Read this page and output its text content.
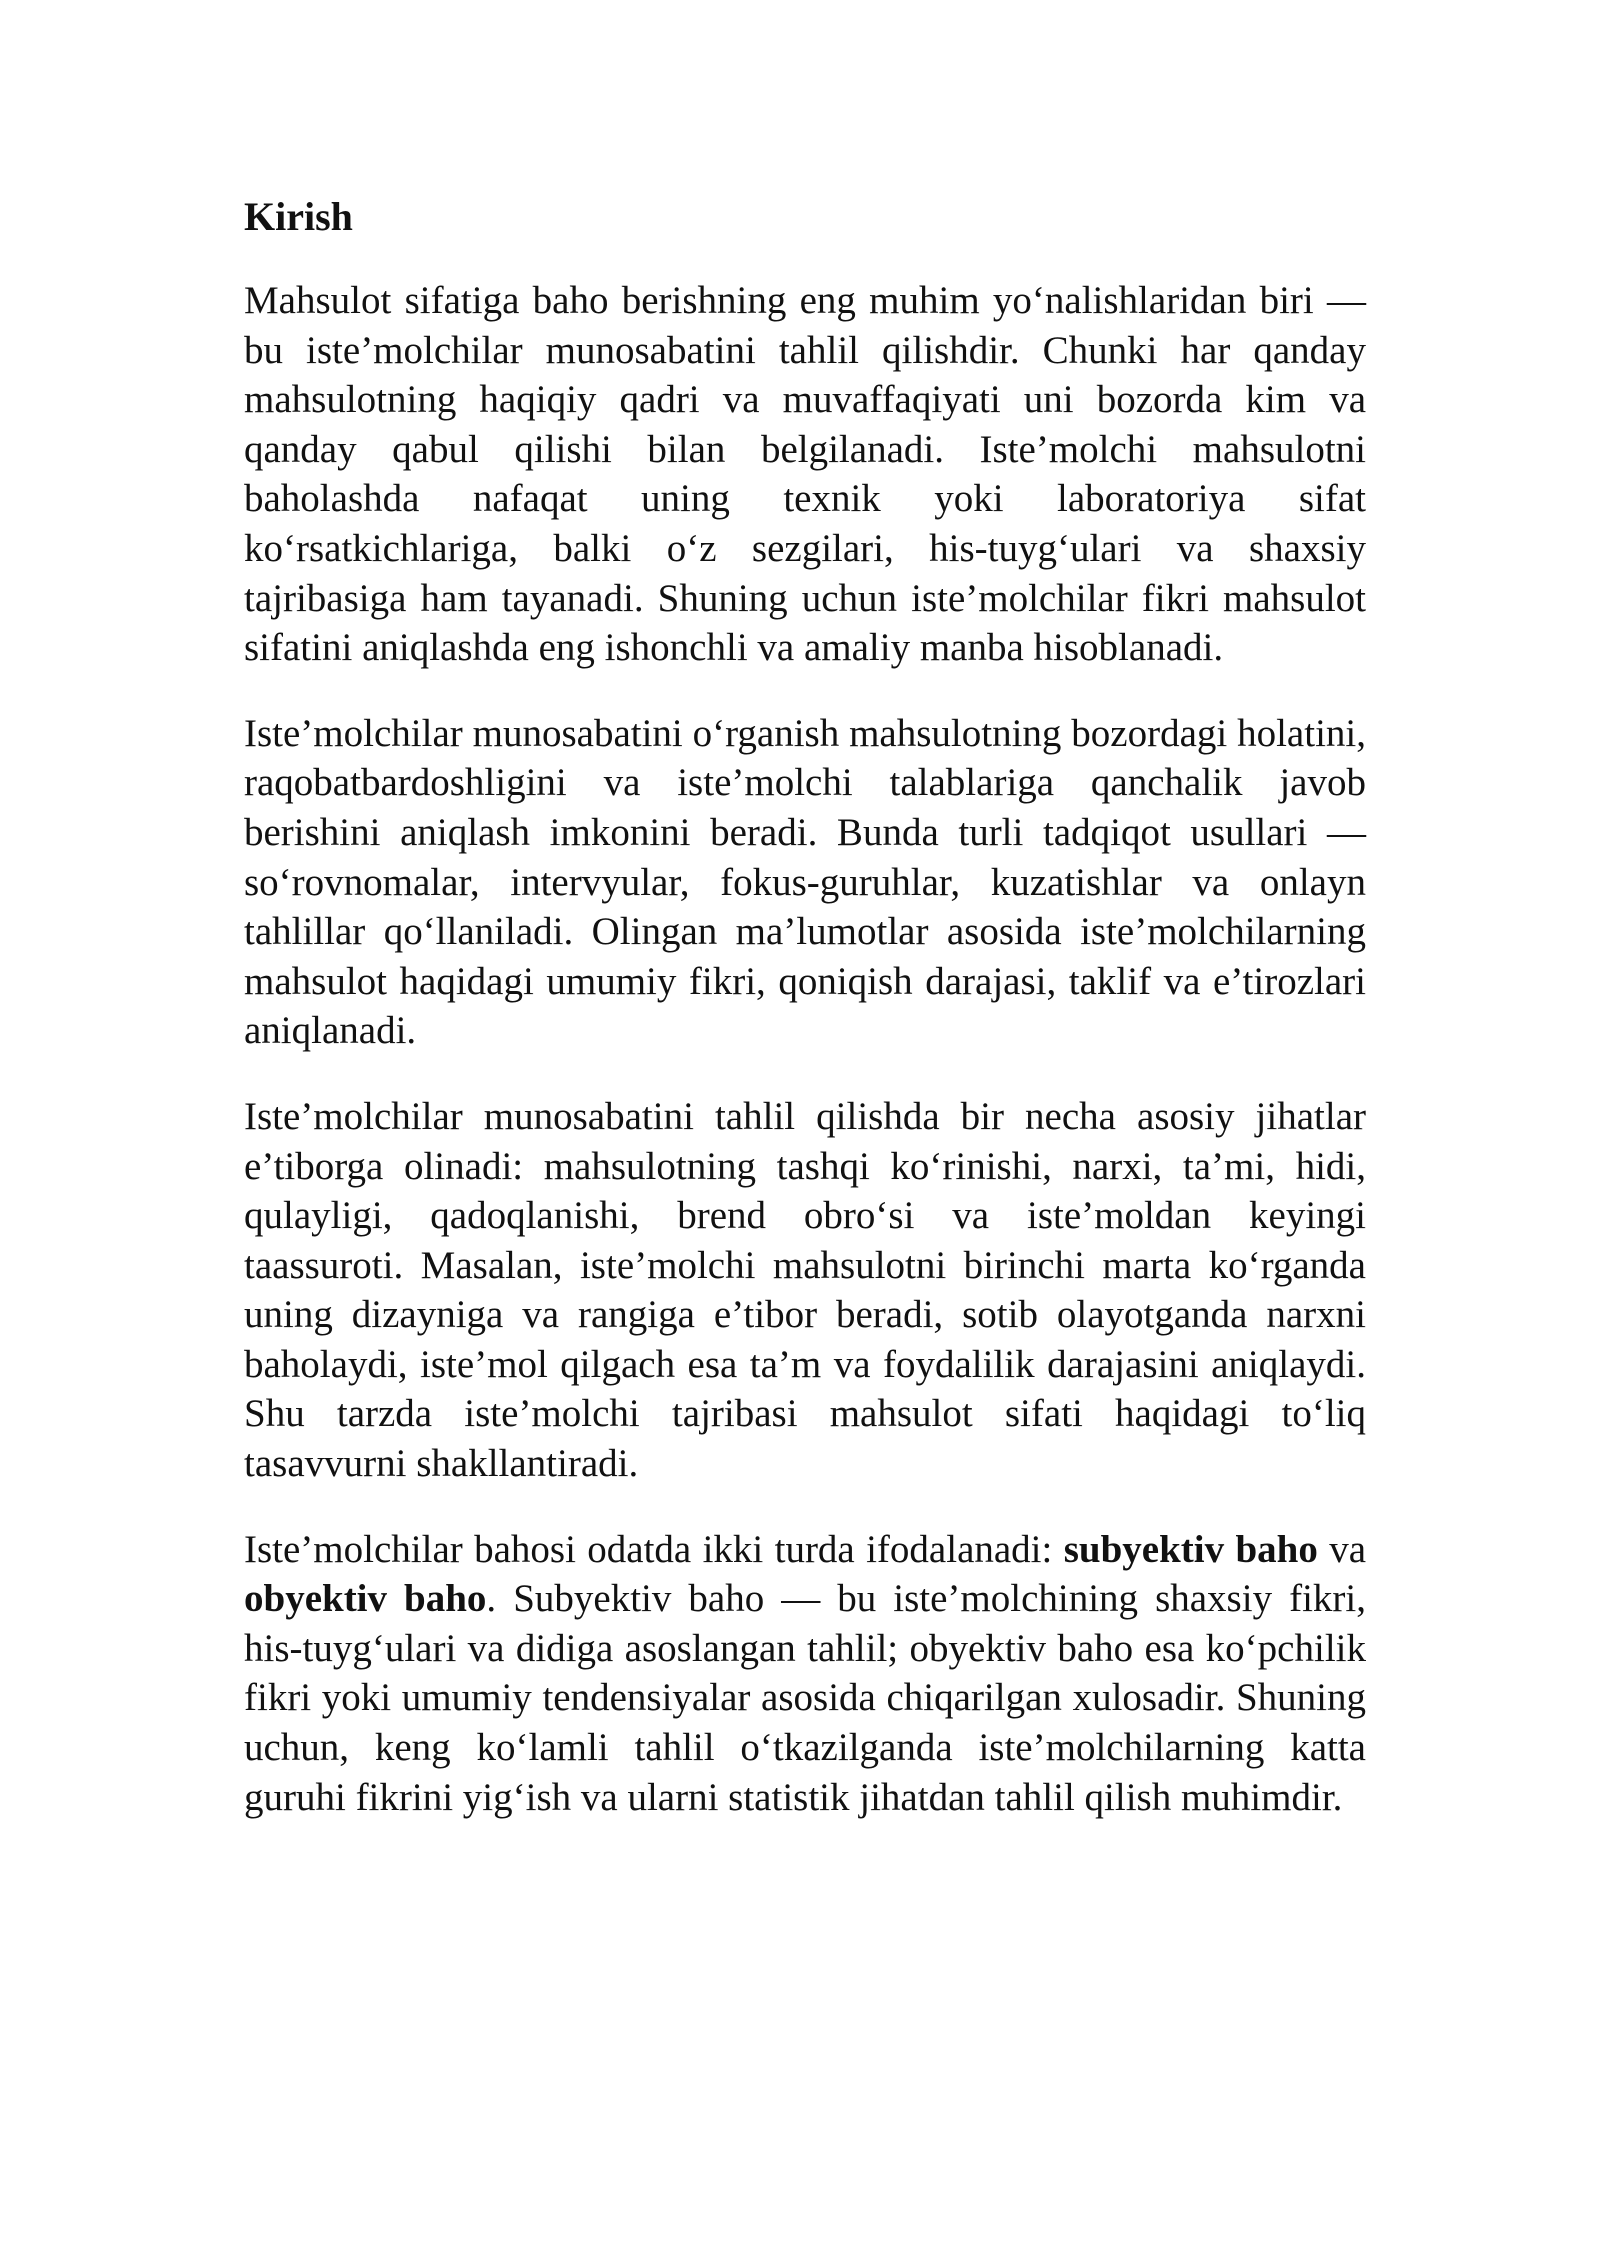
Kirish

Mahsulot sifatiga baho berishning eng muhim yo‘nalishlaridan biri — bu iste’molchilar munosabatini tahlil qilishdir. Chunki har qanday mahsulotning haqiqiy qadri va muvaffaqiyati uni bozorda kim va qanday qabul qilishi bilan belgilanadi. Iste’molchi mahsulotni baholashda nafaqat uning texnik yoki laboratoriya sifat ko‘rsatkichlariga, balki o‘z sezgilari, his-tuyg‘ulari va shaxsiy tajribasiga ham tayanadi. Shuning uchun iste’molchilar fikri mahsulot sifatini aniqlashda eng ishonchli va amaliy manba hisoblanadi.

Iste’molchilar munosabatini o‘rganish mahsulotning bozordagi holatini, raqobatbardoshligini va iste’molchi talablariga qanchalik javob berishini aniqlash imkonini beradi. Bunda turli tadqiqot usullari — so‘rovnomalar, intervyular, fokus-guruhlar, kuzatishlar va onlayn tahlillar qo‘llaniladi. Olingan ma’lumotlar asosida iste’molchilarning mahsulot haqidagi umumiy fikri, qoniqish darajasi, taklif va e’tirozlari aniqlanadi.

Iste’molchilar munosabatini tahlil qilishda bir necha asosiy jihatlar e’tiborga olinadi: mahsulotning tashqi ko‘rinishi, narxi, ta’mi, hidi, qulayligi, qadoqlanishi, brend obro‘si va iste’moldan keyingi taassuroti. Masalan, iste’molchi mahsulotni birinchi marta ko‘rganda uning dizayniga va rangiga e’tibor beradi, sotib olayotganda narxni baholaydi, iste’mol qilgach esa ta’m va foydalilik darajasini aniqlaydi. Shu tarzda iste’molchi tajribasi mahsulot sifati haqidagi to‘liq tasavvurni shakllantiradi.

Iste’molchilar bahosi odatda ikki turda ifodalanadi: subyektiv baho va obyektiv baho. Subyektiv baho — bu iste’molchining shaxsiy fikri, his-tuyg‘ulari va didiga asoslangan tahlil; obyektiv baho esa ko‘pchilik fikri yoki umumiy tendensiyalar asosida chiqarilgan xulosadir. Shuning uchun, keng ko‘lamli tahlil o‘tkazilganda iste’molchilarning katta guruhi fikrini yig‘ish va ularni statistik jihatdan tahlil qilish muhimdir.
